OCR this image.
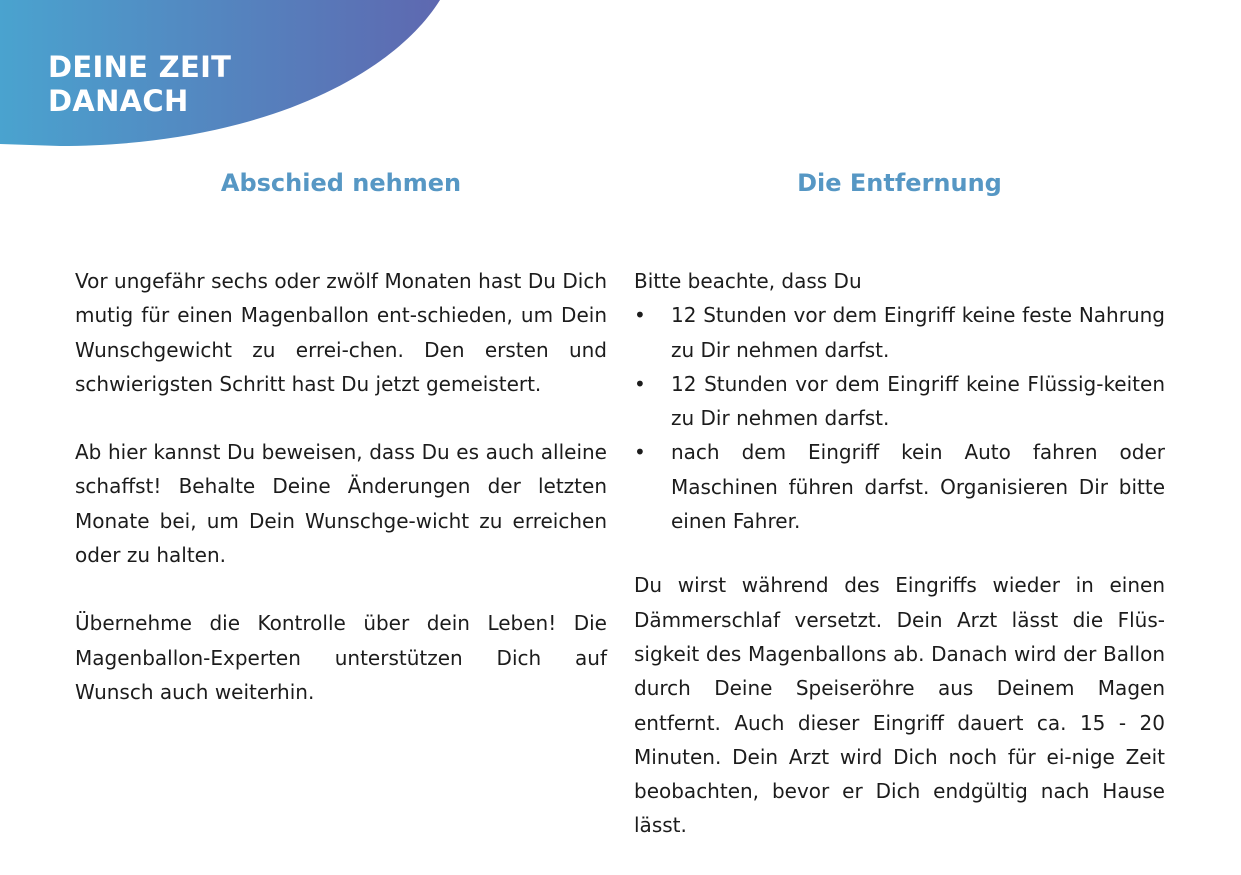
DEINE ZEIT
DANACH
Abschied nehmen

Vor ungefähr sechs oder zwölf Monaten hast Du Dich mutig für einen Magenballon ent-schieden, um Dein Wunschgewicht zu errei-chen. Den ersten und schwierigsten Schritt hast Du jetzt gemeistert.

Ab hier kannst Du beweisen, dass Du es auch alleine schaffst! Behalte Deine Änderungen der letzten Monate bei, um Dein Wunschge-wicht zu erreichen oder zu halten.

Übernehme die Kontrolle über dein Leben! Die Magenballon-Experten unterstützen Dich auf Wunsch auch weiterhin.

Die Entfernung

Bitte beachte, dass Du

• 12 Stunden vor dem Eingriff keine feste Nahrung zu Dir nehmen darfst.
• 12 Stunden vor dem Eingriff keine Flüssig-keiten zu Dir nehmen darfst.
• nach dem Eingriff kein Auto fahren oder Maschinen führen darfst. Organisieren Dir bitte einen Fahrer.

Du wirst während des Eingriffs wieder in einen Dämmerschlaf versetzt. Dein Arzt lässt die Flüs-sigkeit des Magenballons ab. Danach wird der Ballon durch Deine Speiseröhre aus Deinem Magen entfernt. Auch dieser Eingriff dauert ca. 15 - 20 Minuten. Dein Arzt wird Dich noch für ei-nige Zeit beobachten, bevor er Dich endgültig nach Hause lässt.
